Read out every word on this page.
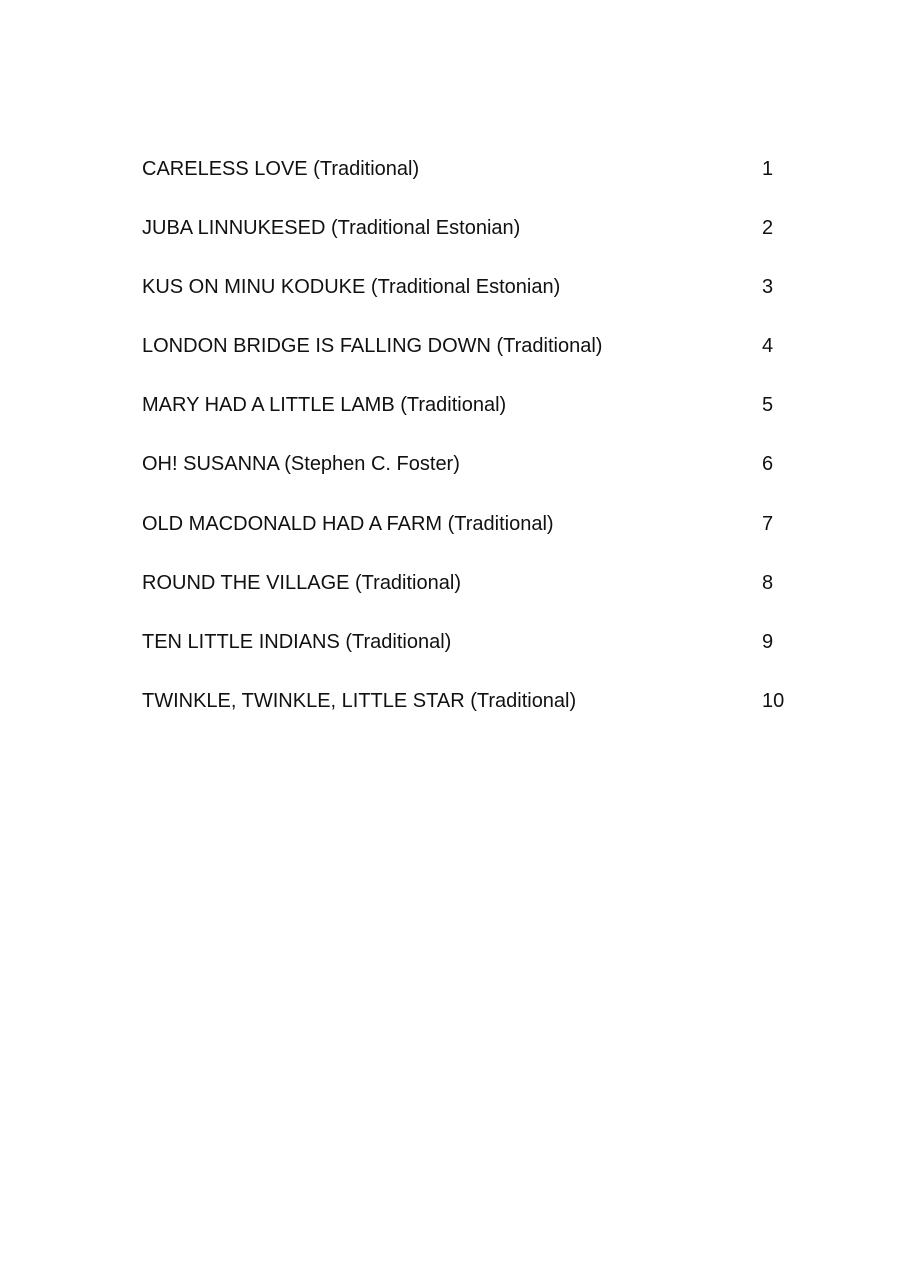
CARELESS LOVE (Traditional)	1
JUBA LINNUKESED (Traditional Estonian)	2
KUS ON MINU KODUKE (Traditional Estonian)	3
LONDON BRIDGE IS FALLING DOWN (Traditional)	4
MARY HAD A LITTLE LAMB (Traditional)	5
OH! SUSANNA (Stephen C. Foster)	6
OLD MACDONALD HAD A FARM (Traditional)	7
ROUND THE VILLAGE (Traditional)	8
TEN LITTLE INDIANS (Traditional)	9
TWINKLE, TWINKLE, LITTLE STAR (Traditional)	10
